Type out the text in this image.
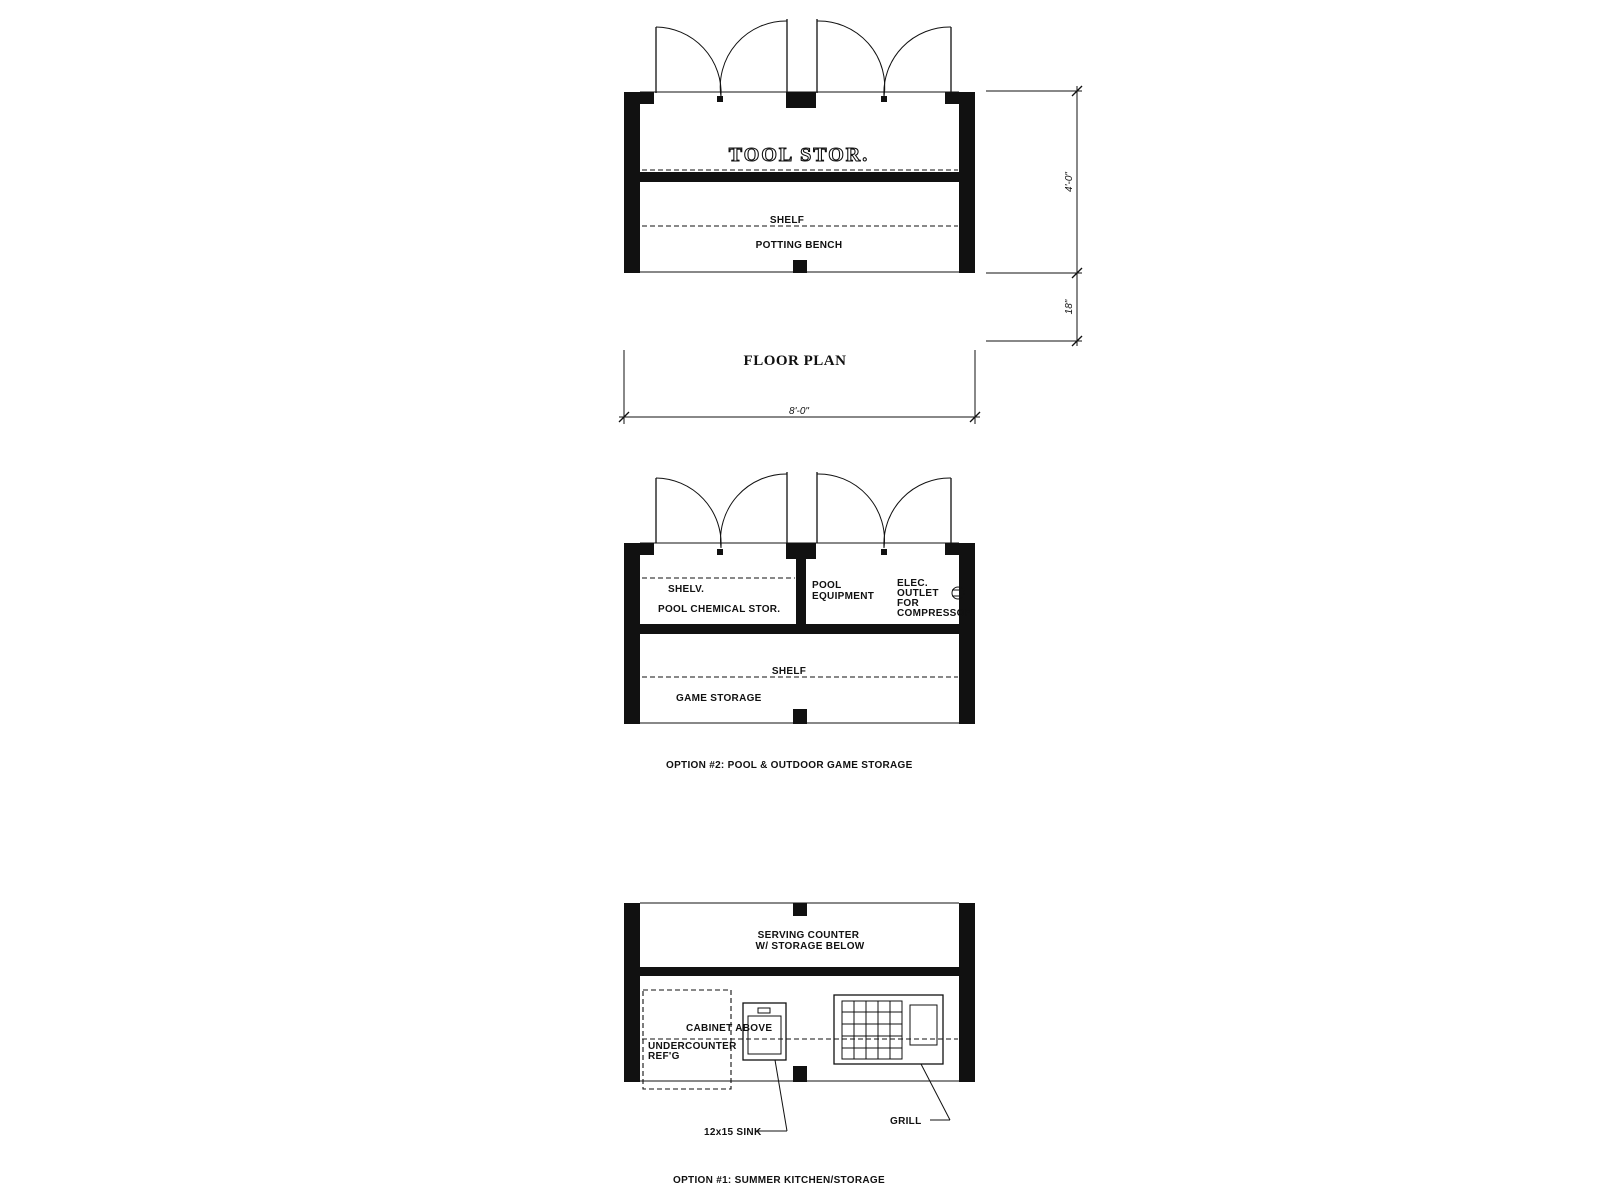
TOOL STOR.
SHELF
POTTING BENCH
4'-0"
18"
FLOOR PLAN
8'-0"
SHELV.
POOL CHEMICAL STOR.
POOL EQUIPMENT
ELEC. OUTLET FOR COMPRESSOR
SHELF
GAME STORAGE
OPTION #2: POOL & OUTDOOR GAME STORAGE
SERVING COUNTER W/ STORAGE BELOW
CABINET ABOVE
UNDERCOUNTER REF'G
12x15 SINK
GRILL
OPTION #1: SUMMER KITCHEN/STORAGE
